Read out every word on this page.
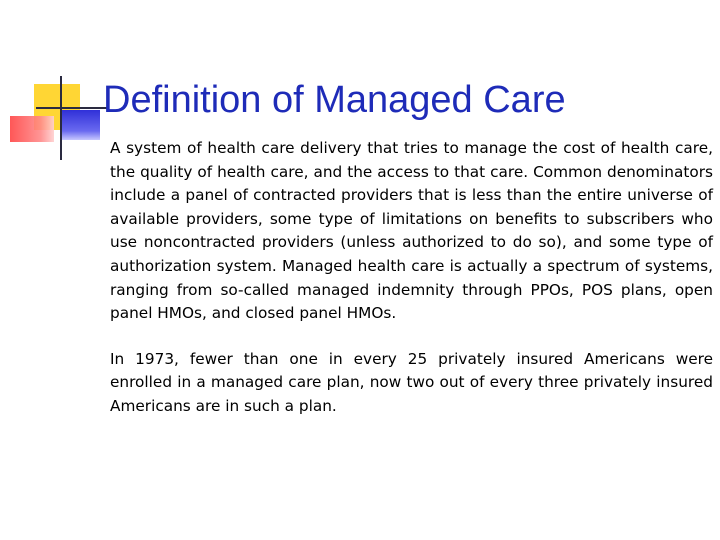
Definition of Managed Care

A system of health care delivery that tries to manage the cost of health care, the quality of health care, and the access to that care. Common denominators include a panel of contracted providers that is less than the entire universe of available providers, some type of limitations on benefits to subscribers who use noncontracted providers (unless authorized to do so), and some type of authorization system. Managed health care is actually a spectrum of systems, ranging from so-called managed indemnity through PPOs, POS plans, open panel HMOs, and closed panel HMOs.

In 1973, fewer than one in every 25 privately insured Americans were enrolled in a managed care plan, now two out of every three privately insured Americans are in such a plan.
